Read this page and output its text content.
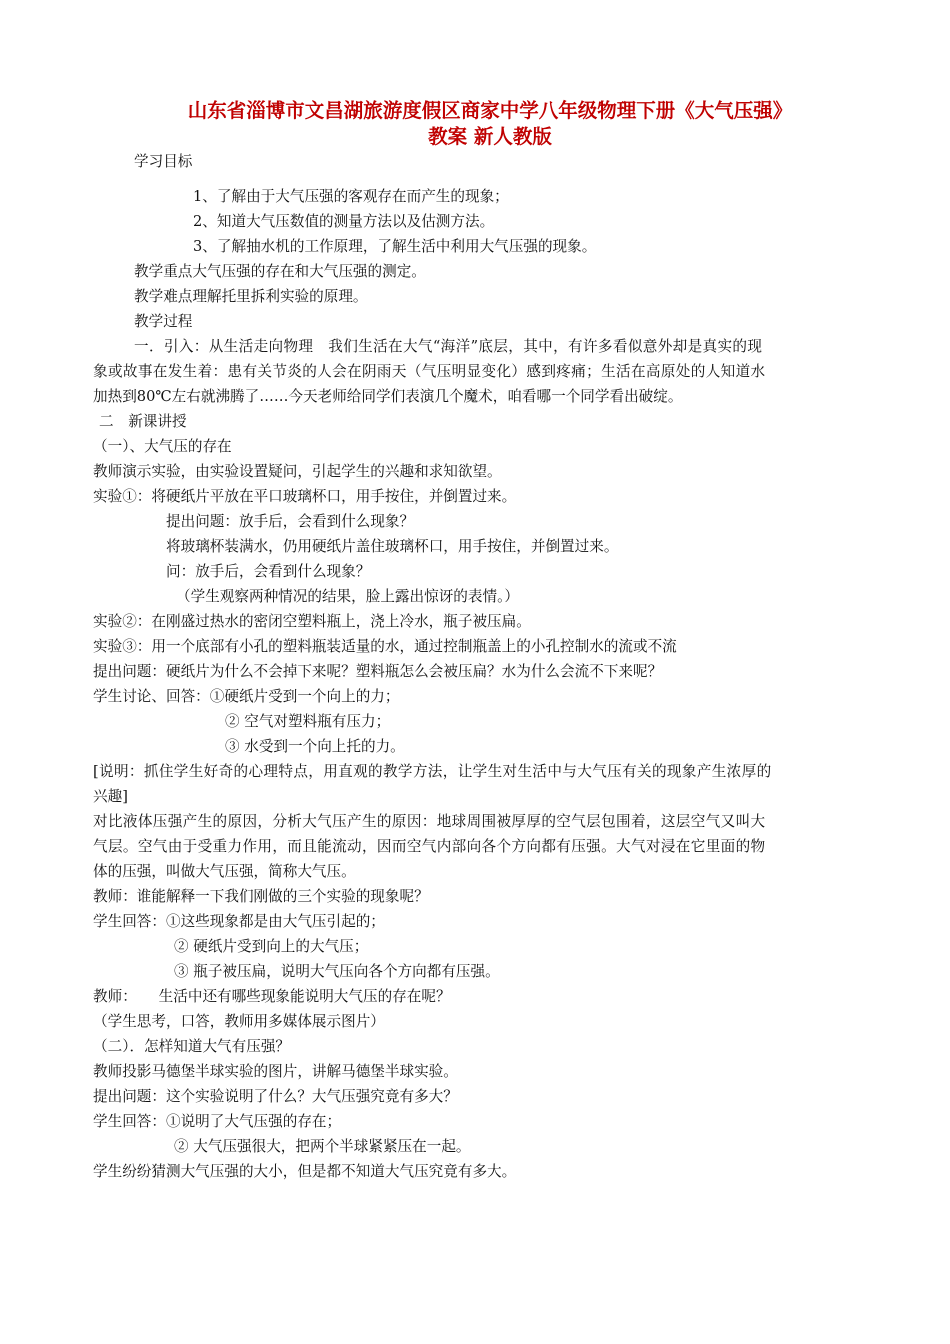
山东省淄博市文昌湖旅游度假区商家中学八年级物理下册《大气压强》
教案 新人教版
学习目标
1、了解由于大气压强的客观存在而产生的现象；
2、知道大气压数值的测量方法以及估测方法。
3、了解抽水机的工作原理，了解生活中利用大气压强的现象。
教学重点大气压强的存在和大气压强的测定。
教学难点理解托里拆利实验的原理。
教学过程
一．引入：从生活走向物理　我们生活在大气“海洋”底层，其中，有许多看似意外却是真实的现
象或故事在发生着：患有关节炎的人会在阴雨天（气压明显变化）感到疼痛；生活在高原处的人知道水
加热到80℃左右就沸腾了……今天老师给同学们表演几个魔术，咱看哪一个同学看出破绽。
二　新课讲授
（一）、大气压的存在
教师演示实验，由实验设置疑问，引起学生的兴趣和求知欲望。
实验①：将硬纸片平放在平口玻璃杯口，用手按住，并倒置过来。
提出问题：放手后，会看到什么现象？
将玻璃杯装满水，仍用硬纸片盖住玻璃杯口，用手按住，并倒置过来。
问：放手后，会看到什么现象？
（学生观察两种情况的结果，脸上露出惊讶的表情。）
实验②：在刚盛过热水的密闭空塑料瓶上，浇上冷水，瓶子被压扁。
实验③：用一个底部有小孔的塑料瓶装适量的水，通过控制瓶盖上的小孔控制水的流或不流
提出问题：硬纸片为什么不会掉下来呢？塑料瓶怎么会被压扁？水为什么会流不下来呢？
学生讨论、回答：①硬纸片受到一个向上的力；
② 空气对塑料瓶有压力；
③ 水受到一个向上托的力。
[说明：抓住学生好奇的心理特点，用直观的教学方法，让学生对生活中与大气压有关的现象产生浓厚的
兴趣]
对比液体压强产生的原因，分析大气压产生的原因：地球周围被厚厚的空气层包围着，这层空气又叫大
气层。空气由于受重力作用，而且能流动，因而空气内部向各个方向都有压强。大气对浸在它里面的物
体的压强，叫做大气压强，简称大气压。
教师：谁能解释一下我们刚做的三个实验的现象呢？
学生回答：①这些现象都是由大气压引起的；
② 硬纸片受到向上的大气压；
③ 瓶子被压扁，说明大气压向各个方向都有压强。
教师：　　生活中还有哪些现象能说明大气压的存在呢？
（学生思考，口答，教师用多媒体展示图片）
（二）．怎样知道大气有压强？
教师投影马德堡半球实验的图片，讲解马德堡半球实验。
提出问题：这个实验说明了什么？大气压强究竟有多大？
学生回答：①说明了大气压强的存在；
② 大气压强很大，把两个半球紧紧压在一起。
学生纷纷猜测大气压强的大小，但是都不知道大气压究竟有多大。
